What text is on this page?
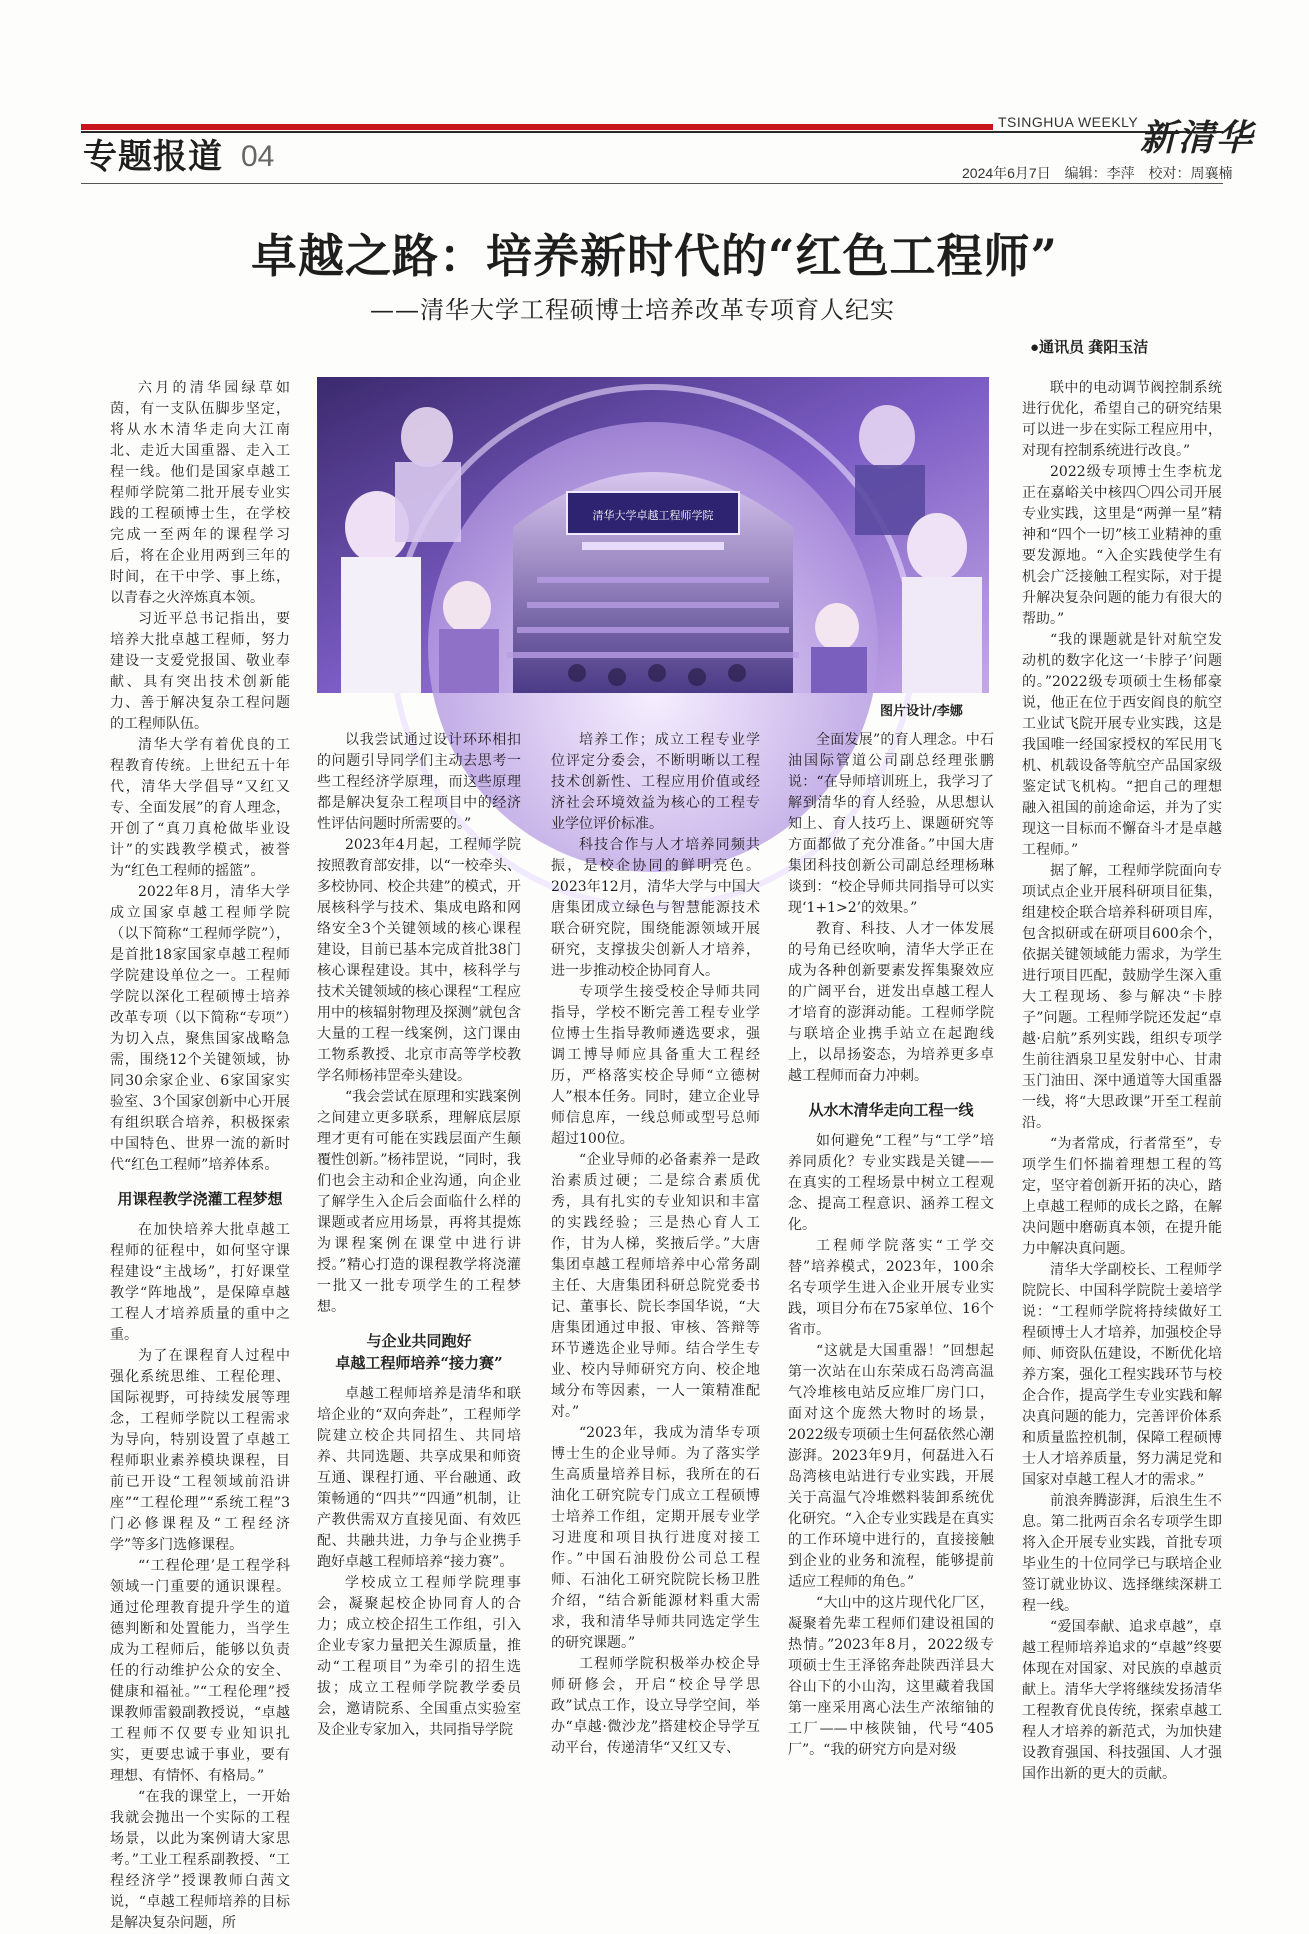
专题报道 04
TSINGHUA WEEKLY 新清华
2024年6月7日 编辑：李萍 校对：周襄楠
卓越之路：培养新时代的“红色工程师”
——清华大学工程硕博士培养改革专项育人纪实
●通讯员 龚阳玉洁
清华大学卓越工程师学院
图片设计/李娜

六月的清华园绿草如茵，有一支队伍脚步坚定，将从水木清华走向大江南北、走近大国重器、走入工程一线。他们是国家卓越工程师学院第二批开展专业实践的工程硕博士生，在学校完成一至两年的课程学习后，将在企业用两到三年的时间，在干中学、事上练，以青春之火淬炼真本领。

习近平总书记指出，要培养大批卓越工程师，努力建设一支爱党报国、敬业奉献、具有突出技术创新能力、善于解决复杂工程问题的工程师队伍。

清华大学有着优良的工程教育传统。上世纪五十年代，清华大学倡导“又红又专、全面发展”的育人理念，开创了“真刀真枪做毕业设计”的实践教学模式，被誉为“红色工程师的摇篮”。

2022年8月，清华大学成立国家卓越工程师学院（以下简称“工程师学院”），是首批18家国家卓越工程师学院建设单位之一。工程师学院以深化工程硕博士培养改革专项（以下简称“专项”）为切入点，聚焦国家战略急需，围绕12个关键领域，协同30余家企业、6家国家实验室、3个国家创新中心开展有组织联合培养，积极探索中国特色、世界一流的新时代“红色工程师”培养体系。

用课程教学浇灌工程梦想

在加快培养大批卓越工程师的征程中，如何坚守课程建设“主战场”，打好课堂教学“阵地战”，是保障卓越工程人才培养质量的重中之重。

为了在课程育人过程中强化系统思维、工程伦理、国际视野，可持续发展等理念，工程师学院以工程需求为导向，特别设置了卓越工程师职业素养模块课程，目前已开设“工程领域前沿讲座”“工程伦理”“系统工程”3门必修课程及“工程经济学”等多门选修课程。

“‘工程伦理’是工程学科领域一门重要的通识课程。通过伦理教育提升学生的道德判断和处置能力，当学生成为工程师后，能够以负责任的行动维护公众的安全、健康和福祉。”“工程伦理”授课教师雷毅副教授说，“卓越工程师不仅要专业知识扎实，更要忠诚于事业，要有理想、有情怀、有格局。”

“在我的课堂上，一开始我就会抛出一个实际的工程场景，以此为案例请大家思考。”工业工程系副教授、“工程经济学”授课教师白茜文说，“卓越工程师培养的目标是解决复杂问题，所

以我尝试通过设计环环相扣的问题引导同学们主动去思考一些工程经济学原理，而这些原理都是解决复杂工程项目中的经济性评估问题时所需要的。”

2023年4月起，工程师学院按照教育部安排，以“一校牵头、多校协同、校企共建”的模式，开展核科学与技术、集成电路和网络安全3个关键领域的核心课程建设，目前已基本完成首批38门核心课程建设。其中，核科学与技术关键领域的核心课程“工程应用中的核辐射物理及探测”就包含大量的工程一线案例，这门课由工物系教授、北京市高等学校教学名师杨祎罡牵头建设。

“我会尝试在原理和实践案例之间建立更多联系，理解底层原理才更有可能在实践层面产生颠覆性创新。”杨祎罡说，“同时，我们也会主动和企业沟通，向企业了解学生入企后会面临什么样的课题或者应用场景，再将其提炼为课程案例在课堂中进行讲授。”精心打造的课程教学将浇灌一批又一批专项学生的工程梦想。

与企业共同跑好
卓越工程师培养“接力赛”

卓越工程师培养是清华和联培企业的“双向奔赴”，工程师学院建立校企共同招生、共同培养、共同选题、共享成果和师资互通、课程打通、平台融通、政策畅通的“四共”“四通”机制，让产教供需双方直接见面、有效匹配、共融共进，力争与企业携手跑好卓越工程师培养“接力赛”。

学校成立工程师学院理事会，凝聚起校企协同育人的合力；成立校企招生工作组，引入企业专家力量把关生源质量，推动“工程项目”为牵引的招生选拔；成立工程师学院教学委员会，邀请院系、全国重点实验室及企业专家加入，共同指导学院

培养工作；成立工程专业学位评定分委会，不断明晰以工程技术创新性、工程应用价值或经济社会环境效益为核心的工程专业学位评价标准。

科技合作与人才培养同频共振，是校企协同的鲜明亮色。2023年12月，清华大学与中国大唐集团成立绿色与智慧能源技术联合研究院，围绕能源领域开展研究，支撑拔尖创新人才培养，进一步推动校企协同育人。

专项学生接受校企导师共同指导，学校不断完善工程专业学位博士生指导教师遴选要求，强调工博导师应具备重大工程经历，严格落实校企导师“立德树人”根本任务。同时，建立企业导师信息库，一线总师或型号总师超过100位。

“企业导师的必备素养一是政治素质过硬；二是综合素质优秀，具有扎实的专业知识和丰富的实践经验；三是热心育人工作，甘为人梯，奖掖后学。”大唐集团卓越工程师培养中心常务副主任、大唐集团科研总院党委书记、董事长、院长李国华说，“大唐集团通过申报、审核、答辩等环节遴选企业导师。结合学生专业、校内导师研究方向、校企地域分布等因素，一人一策精准配对。”

“2023年，我成为清华专项博士生的企业导师。为了落实学生高质量培养目标，我所在的石油化工研究院专门成立工程硕博士培养工作组，定期开展专业学习进度和项目执行进度对接工作。”中国石油股份公司总工程师、石油化工研究院院长杨卫胜介绍，“结合新能源材料重大需求，我和清华导师共同选定学生的研究课题。”

工程师学院积极举办校企导师研修会，开启“校企导学思政”试点工作，设立导学空间，举办“卓越·微沙龙”搭建校企导学互动平台，传递清华“又红又专、

全面发展”的育人理念。中石油国际管道公司副总经理张鹏说：“在导师培训班上，我学习了解到清华的育人经验，从思想认知上、育人技巧上、课题研究等方面都做了充分准备。”中国大唐集团科技创新公司副总经理杨琳谈到：“校企导师共同指导可以实现‘1+1>2’的效果。”

教育、科技、人才一体发展的号角已经吹响，清华大学正在成为各种创新要素发挥集聚效应的广阔平台，迸发出卓越工程人才培育的澎湃动能。工程师学院与联培企业携手站立在起跑线上，以昂扬姿态，为培养更多卓越工程师而奋力冲刺。

从水木清华走向工程一线

如何避免“工程”与“工学”培养同质化？专业实践是关键——在真实的工程场景中树立工程观念、提高工程意识、涵养工程文化。

工程师学院落实“工学交替”培养模式，2023年，100余名专项学生进入企业开展专业实践，项目分布在75家单位、16个省市。

“这就是大国重器！”回想起第一次站在山东荣成石岛湾高温气冷堆核电站反应堆厂房门口，面对这个庞然大物时的场景，2022级专项硕士生何磊依然心潮澎湃。2023年9月，何磊进入石岛湾核电站进行专业实践，开展关于高温气冷堆燃料装卸系统优化研究。“入企专业实践是在真实的工作环境中进行的，直接接触到企业的业务和流程，能够提前适应工程师的角色。”

“大山中的这片现代化厂区，凝聚着先辈工程师们建设祖国的热情。”2023年8月，2022级专项硕士生王泽铭奔赴陕西洋县大谷山下的小山沟，这里藏着我国第一座采用离心法生产浓缩铀的工厂——中核陕铀，代号“405厂”。“我的研究方向是对级

联中的电动调节阀控制系统进行优化，希望自己的研究结果可以进一步在实际工程应用中，对现有控制系统进行改良。”

2022级专项博士生李杭龙正在嘉峪关中核四〇四公司开展专业实践，这里是“两弹一星”精神和“四个一切”核工业精神的重要发源地。“入企实践使学生有机会广泛接触工程实际，对于提升解决复杂问题的能力有很大的帮助。”

“我的课题就是针对航空发动机的数字化这一‘卡脖子’问题的。”2022级专项硕士生杨郁豪说，他正在位于西安阎良的航空工业试飞院开展专业实践，这是我国唯一经国家授权的军民用飞机、机载设备等航空产品国家级鉴定试飞机构。“把自己的理想融入祖国的前途命运，并为了实现这一目标而不懈奋斗才是卓越工程师。”

据了解，工程师学院面向专项试点企业开展科研项目征集，组建校企联合培养科研项目库，包含拟研或在研项目600余个，依据关键领域能力需求，为学生进行项目匹配，鼓励学生深入重大工程现场、参与解决“卡脖子”问题。工程师学院还发起“卓越·启航”系列实践，组织专项学生前往酒泉卫星发射中心、甘肃玉门油田、深中通道等大国重器一线，将“大思政课”开至工程前沿。

“为者常成，行者常至”，专项学生们怀揣着理想工程的笃定，坚守着创新开拓的决心，踏上卓越工程师的成长之路，在解决问题中磨砺真本领，在提升能力中解决真问题。

清华大学副校长、工程师学院院长、中国科学院院士姜培学说：“工程师学院将持续做好工程硕博士人才培养，加强校企导师、师资队伍建设，不断优化培养方案，强化工程实践环节与校企合作，提高学生专业实践和解决真问题的能力，完善评价体系和质量监控机制，保障工程硕博士人才培养质量，努力满足党和国家对卓越工程人才的需求。”

前浪奔腾澎湃，后浪生生不息。第二批两百余名专项学生即将入企开展专业实践，首批专项毕业生的十位同学已与联培企业签订就业协议、选择继续深耕工程一线。

“爱国奉献、追求卓越”，卓越工程师培养追求的“卓越”终要体现在对国家、对民族的卓越贡献上。清华大学将继续发扬清华工程教育优良传统，探索卓越工程人才培养的新范式，为加快建设教育强国、科技强国、人才强国作出新的更大的贡献。
